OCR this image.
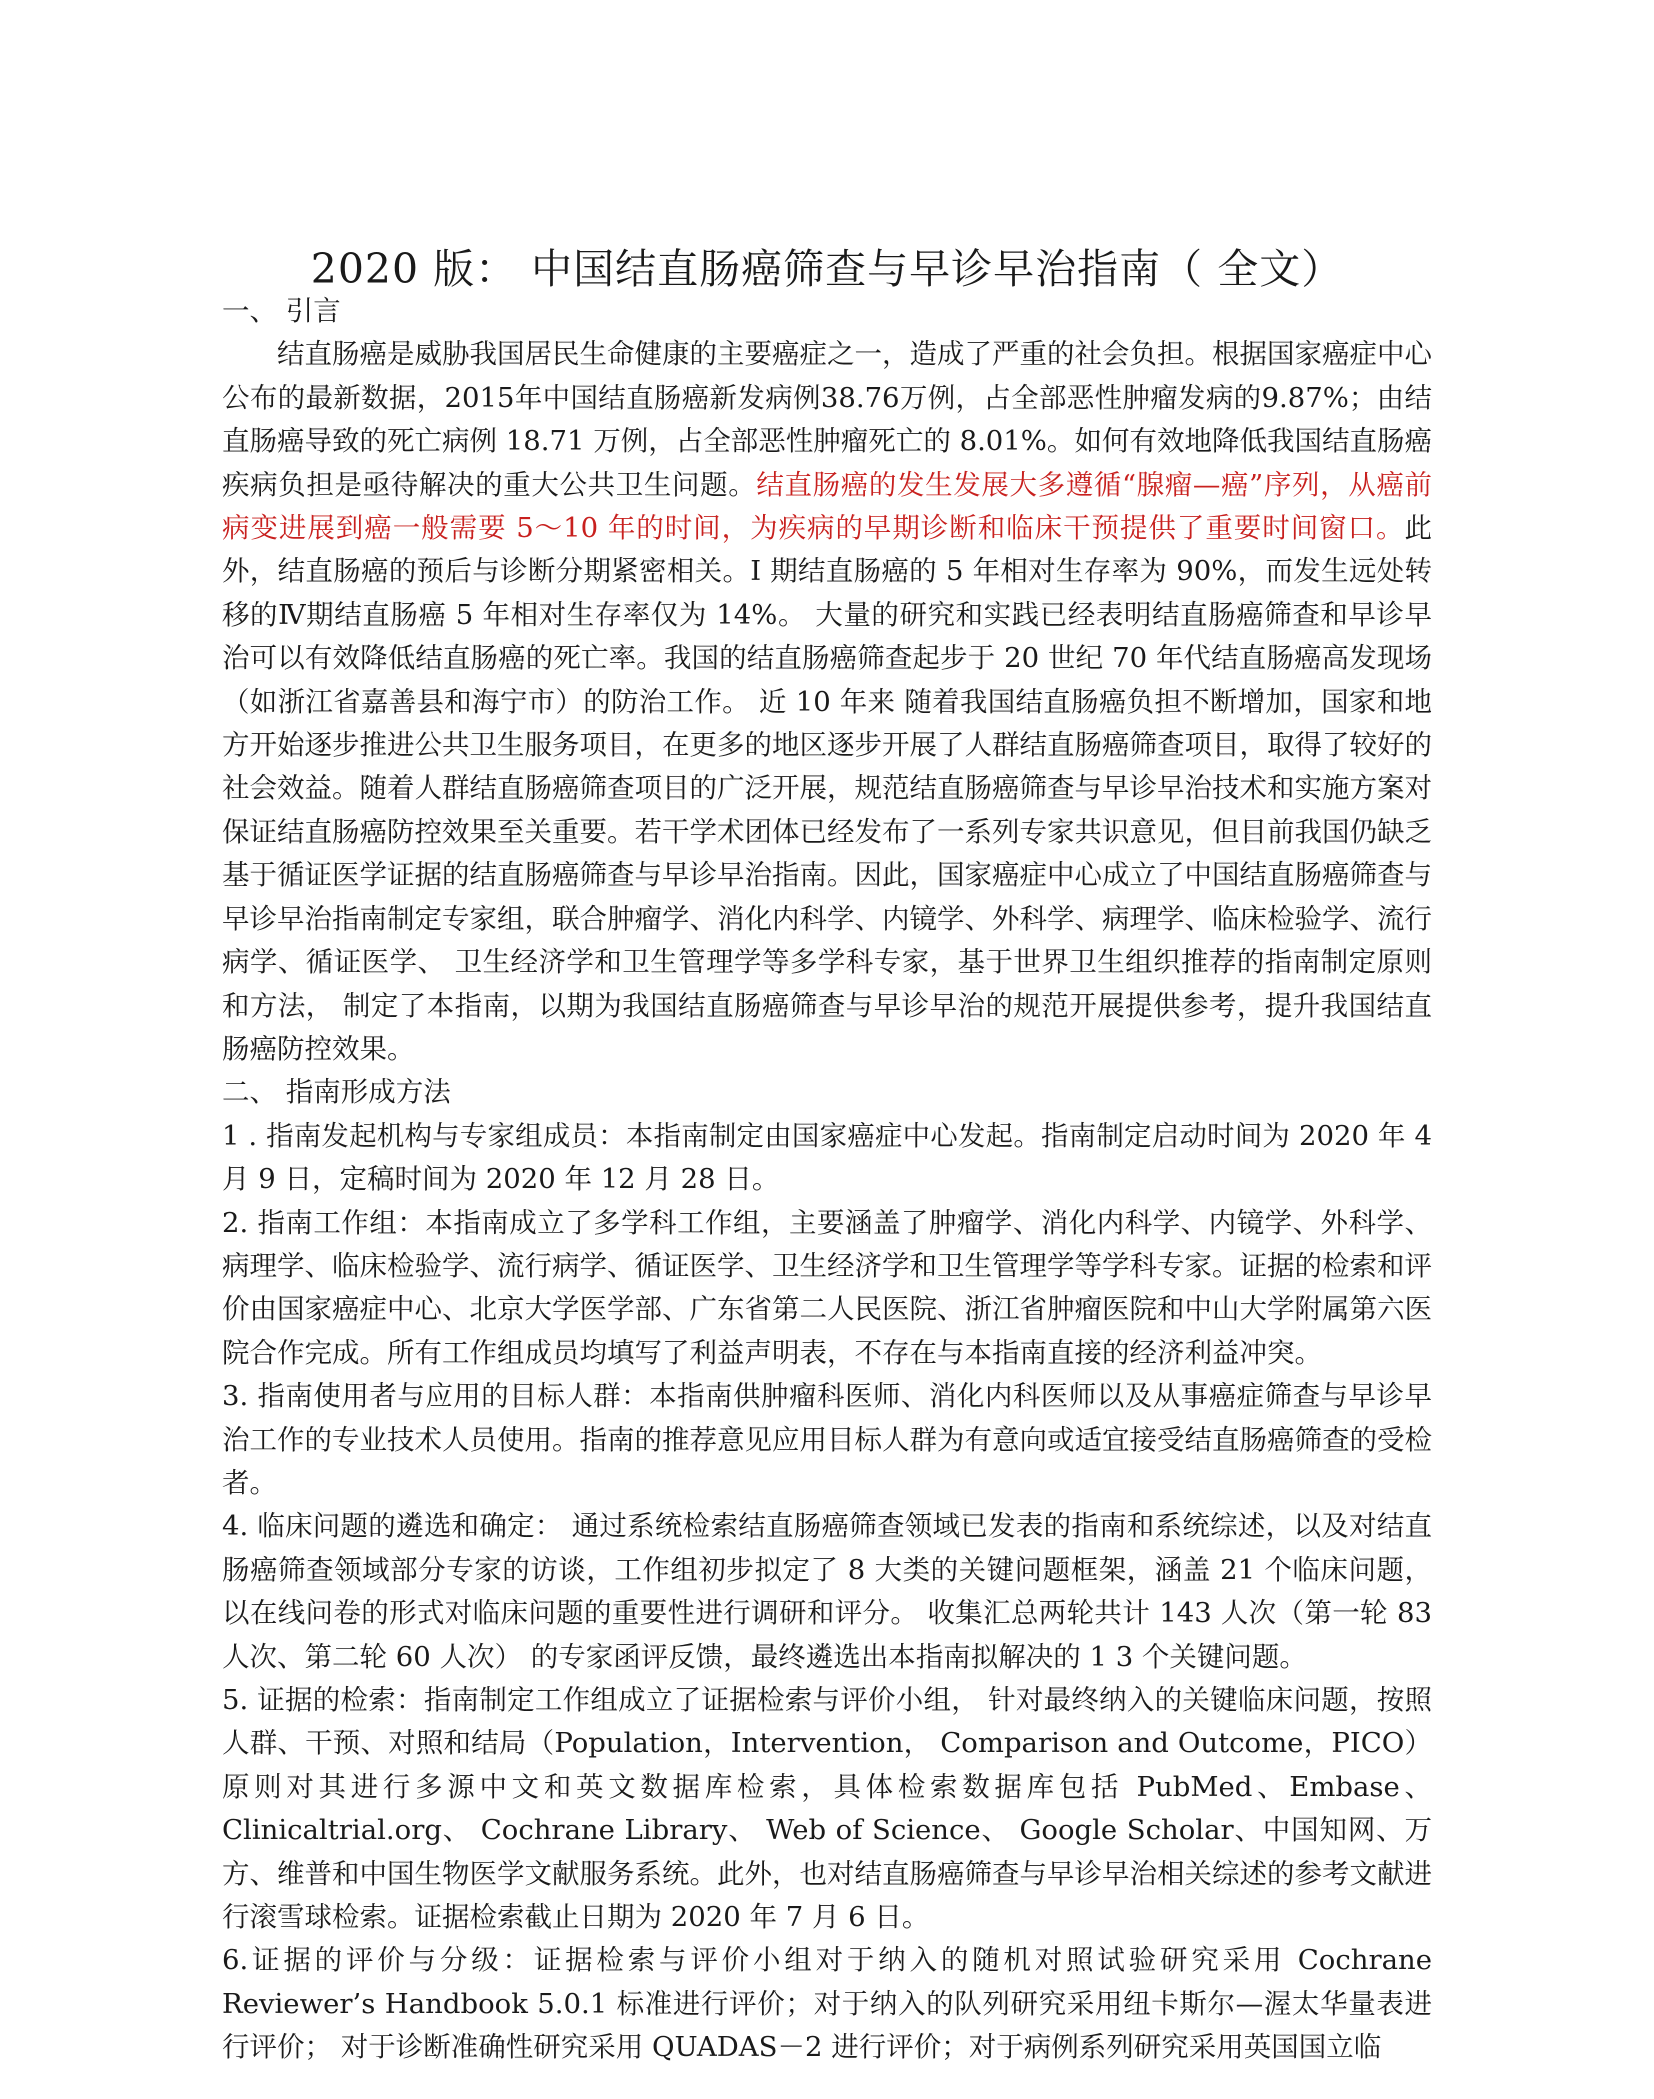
2020 版： 中国结直肠癌筛查与早诊早治指南（ 全文）

一、 引言

结直肠癌是威胁我国居民生命健康的主要癌症之一，造成了严重的社会负担。根据国家癌症中心公布的最新数据，2015年中国结直肠癌新发病例38.76万例，占全部恶性肿瘤发病的9.87%；由结直肠癌导致的死亡病例 18.71 万例，占全部恶性肿瘤死亡的 8.01%。如何有效地降低我国结直肠癌疾病负担是亟待解决的重大公共卫生问题。结直肠癌的发生发展大多遵循“腺瘤—癌”序列，从癌前病变进展到癌一般需要 5～10 年的时间，为疾病的早期诊断和临床干预提供了重要时间窗口。此外，结直肠癌的预后与诊断分期紧密相关。I 期结直肠癌的 5 年相对生存率为 90%，而发生远处转移的Ⅳ期结直肠癌 5 年相对生存率仅为 14%。 大量的研究和实践已经表明结直肠癌筛查和早诊早治可以有效降低结直肠癌的死亡率。我国的结直肠癌筛查起步于 20 世纪 70 年代结直肠癌高发现场（如浙江省嘉善县和海宁市）的防治工作。 近 10 年来 随着我国结直肠癌负担不断增加，国家和地方开始逐步推进公共卫生服务项目，在更多的地区逐步开展了人群结直肠癌筛查项目，取得了较好的社会效益。随着人群结直肠癌筛查项目的广泛开展，规范结直肠癌筛查与早诊早治技术和实施方案对保证结直肠癌防控效果至关重要。若干学术团体已经发布了一系列专家共识意见，但目前我国仍缺乏基于循证医学证据的结直肠癌筛查与早诊早治指南。因此，国家癌症中心成立了中国结直肠癌筛查与早诊早治指南制定专家组，联合肿瘤学、消化内科学、内镜学、外科学、病理学、临床检验学、流行病学、循证医学、 卫生经济学和卫生管理学等多学科专家，基于世界卫生组织推荐的指南制定原则和方法， 制定了本指南，以期为我国结直肠癌筛查与早诊早治的规范开展提供参考，提升我国结直肠癌防控效果。

二、 指南形成方法

1 . 指南发起机构与专家组成员：本指南制定由国家癌症中心发起。指南制定启动时间为 2020 年 4 月 9 日，定稿时间为 2020 年 12 月 28 日。

2. 指南工作组：本指南成立了多学科工作组，主要涵盖了肿瘤学、消化内科学、内镜学、外科学、病理学、临床检验学、流行病学、循证医学、卫生经济学和卫生管理学等学科专家。证据的检索和评价由国家癌症中心、北京大学医学部、广东省第二人民医院、浙江省肿瘤医院和中山大学附属第六医院合作完成。所有工作组成员均填写了利益声明表，不存在与本指南直接的经济利益冲突。

3. 指南使用者与应用的目标人群：本指南供肿瘤科医师、消化内科医师以及从事癌症筛查与早诊早治工作的专业技术人员使用。指南的推荐意见应用目标人群为有意向或适宜接受结直肠癌筛查的受检者。

4. 临床问题的遴选和确定： 通过系统检索结直肠癌筛查领域已发表的指南和系统综述，以及对结直肠癌筛查领域部分专家的访谈，工作组初步拟定了 8 大类的关键问题框架，涵盖 21 个临床问题，以在线问卷的形式对临床问题的重要性进行调研和评分。 收集汇总两轮共计 143 人次（第一轮 83 人次、第二轮 60 人次） 的专家函评反馈，最终遴选出本指南拟解决的 1 3 个关键问题。

5. 证据的检索：指南制定工作组成立了证据检索与评价小组， 针对最终纳入的关键临床问题，按照人群、干预、对照和结局（Population，Intervention， Comparison and Outcome，PICO）原则对其进行多源中文和英文数据库检索，具体检索数据库包括 PubMed、Embase、Clinicaltrial.org、 Cochrane Library、 Web of Science、 Google Scholar、中国知网、万方、维普和中国生物医学文献服务系统。此外，也对结直肠癌筛查与早诊早治相关综述的参考文献进行滚雪球检索。证据检索截止日期为 2020 年 7 月 6 日。

6.证据的评价与分级：证据检索与评价小组对于纳入的随机对照试验研究采用 Cochrane Reviewer’s Handbook 5.0.1 标准进行评价；对于纳入的队列研究采用纽卡斯尔—渥太华量表进行评价； 对于诊断准确性研究采用 QUADAS－2 进行评价；对于病例系列研究采用英国国立临
